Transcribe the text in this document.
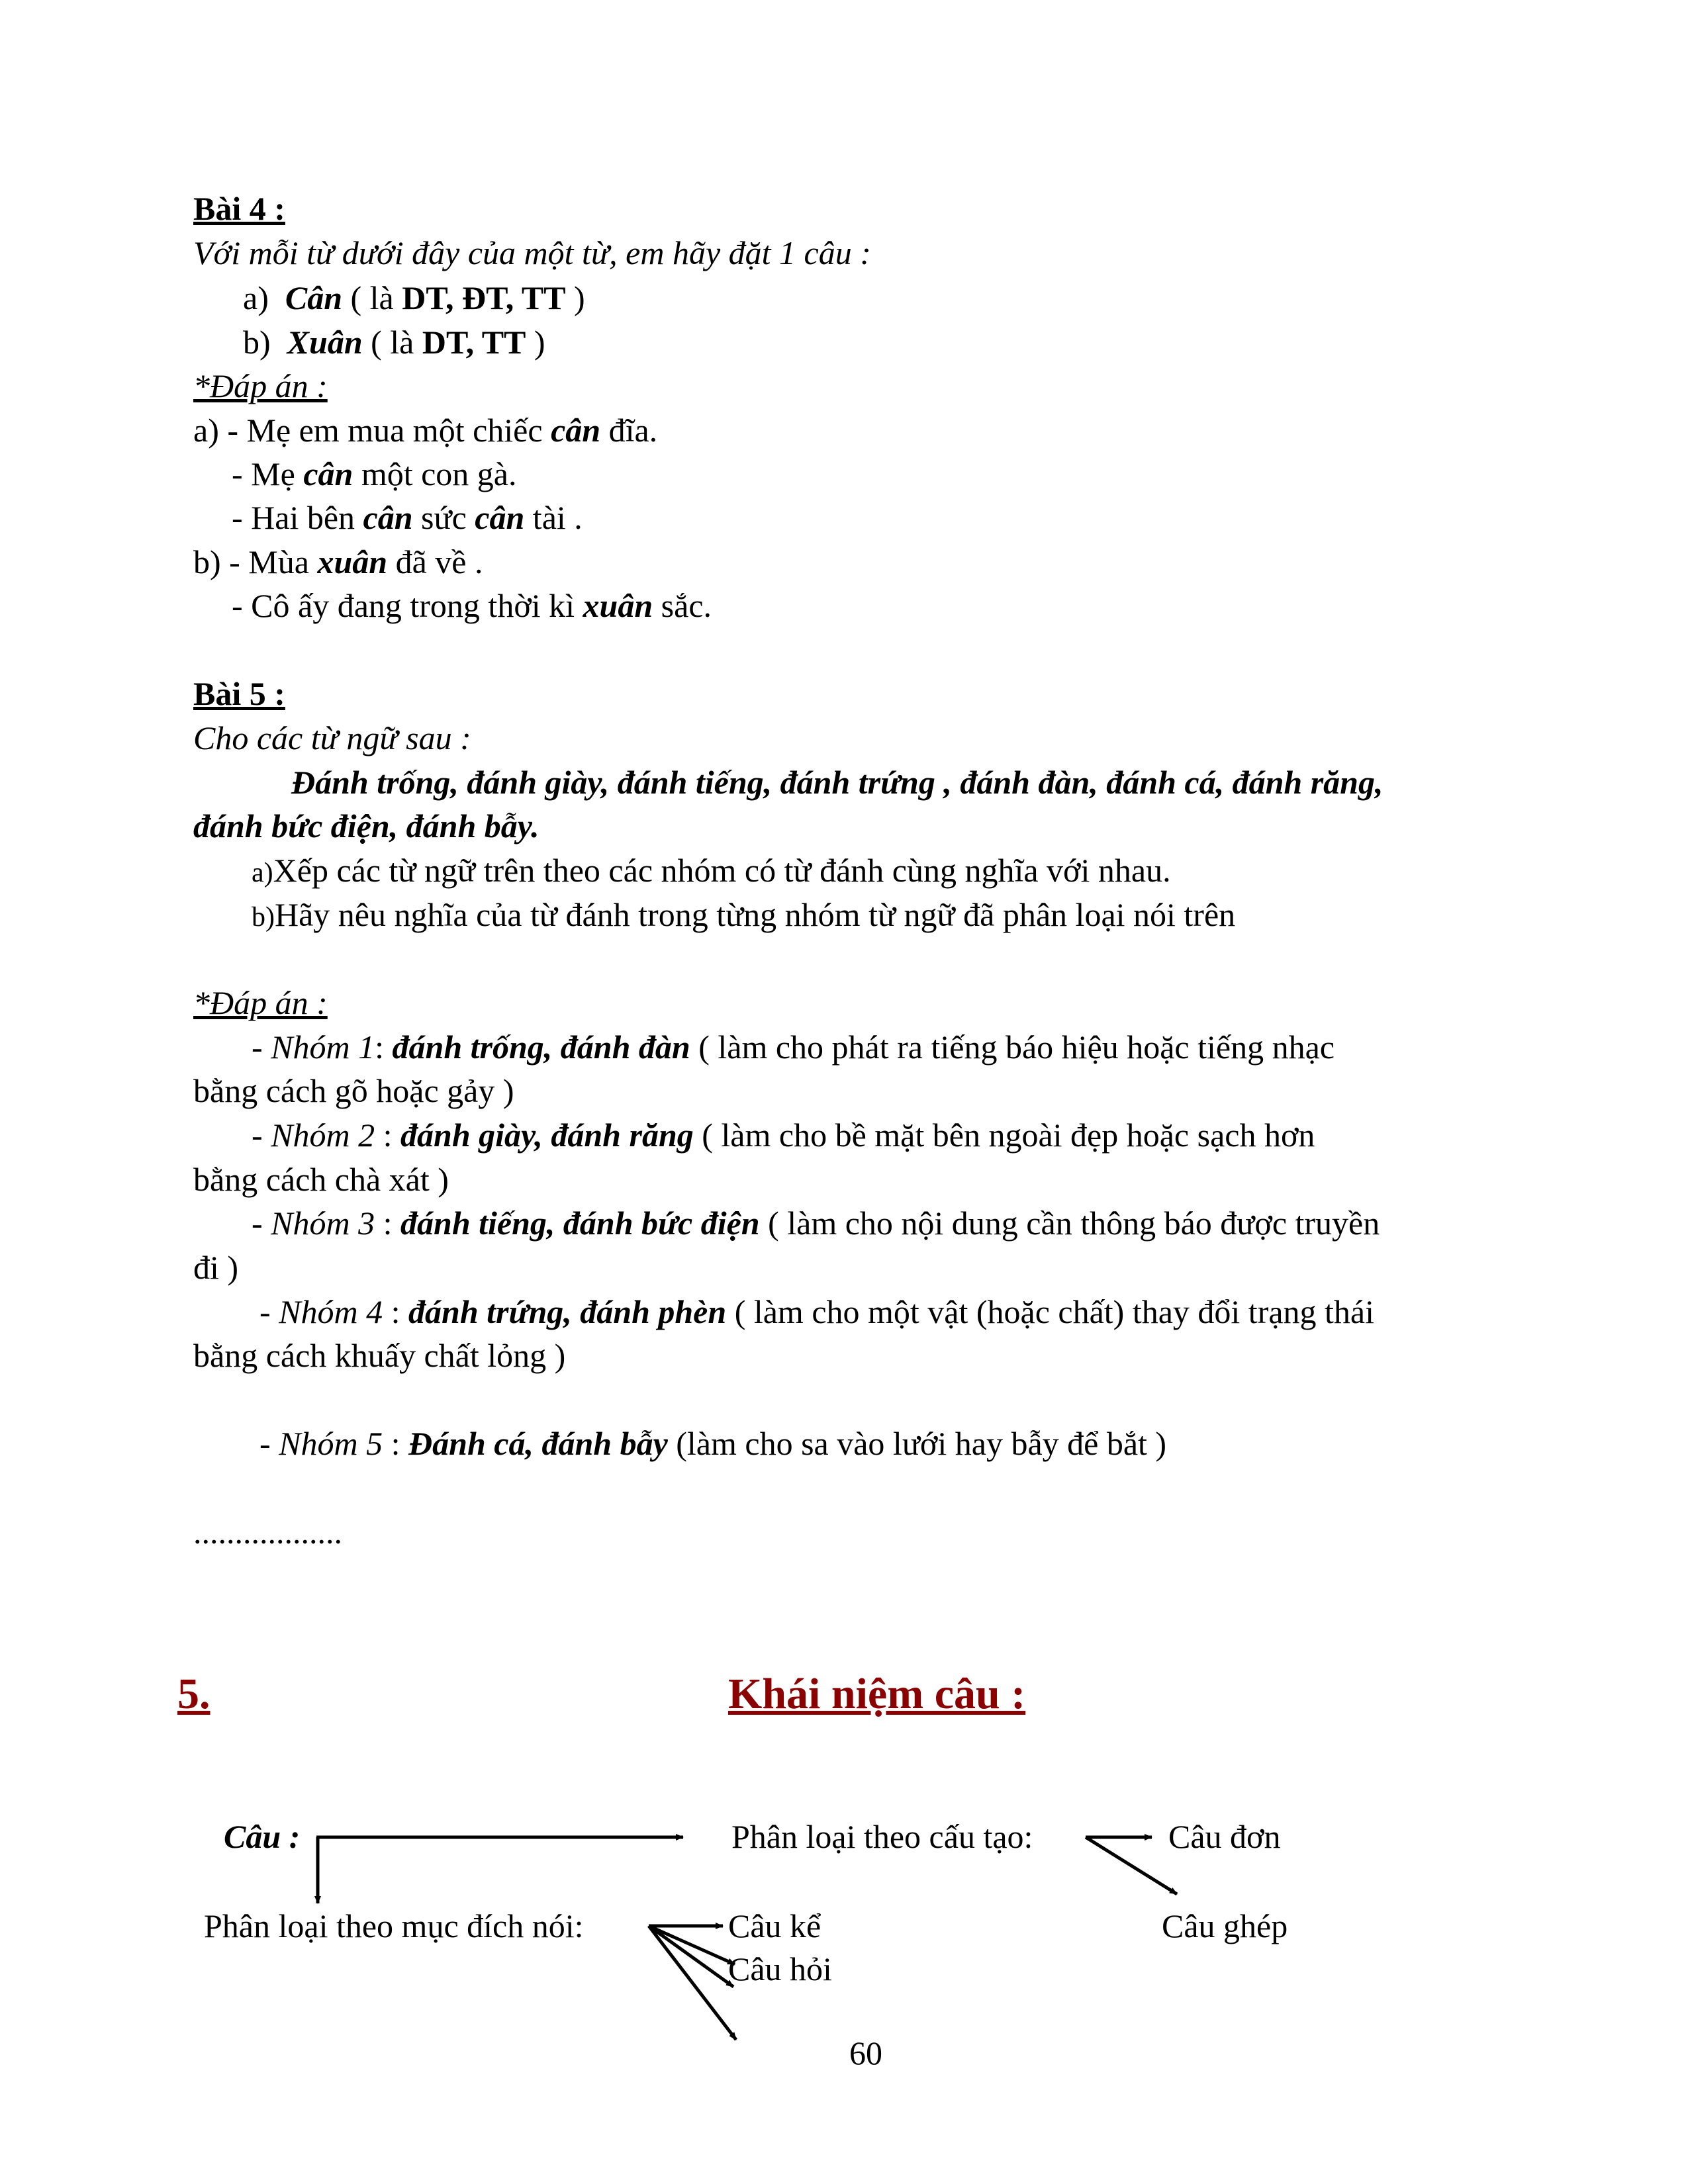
Bài 4 :
Với mỗi từ dưới đây của một từ, em hãy đặt 1 câu :
a) Cân ( là DT, ĐT, TT )
b) Xuân ( là DT, TT )
*Đáp án :
a) - Mẹ em mua một chiếc cân đĩa.
- Mẹ cân một con gà.
- Hai bên cân sức cân tài .
b) - Mùa xuân đã về .
- Cô ấy đang trong thời kì xuân sắc.
Bài 5 :
Cho các từ ngữ sau :
Đánh trống, đánh giày, đánh tiếng, đánh trứng , đánh đàn, đánh cá, đánh răng,
đánh bức điện, đánh bẫy.
a)Xếp các từ ngữ trên theo các nhóm có từ đánh cùng nghĩa với nhau.
b)Hãy nêu nghĩa của từ đánh trong từng nhóm từ ngữ đã phân loại nói trên
*Đáp án :
- Nhóm 1: đánh trống, đánh đàn ( làm cho phát ra tiếng báo hiệu hoặc tiếng nhạc
bằng cách gõ hoặc gảy )
- Nhóm 2 : đánh giày, đánh răng ( làm cho bề mặt bên ngoài đẹp hoặc sạch hơn
bằng cách chà xát )
- Nhóm 3 : đánh tiếng, đánh bức điện ( làm cho nội dung cần thông báo được truyền
đi )
- Nhóm 4 : đánh trứng, đánh phèn ( làm cho một vật (hoặc chất) thay đổi trạng thái
bằng cách khuấy chất lỏng )
- Nhóm 5 : Đánh cá, đánh bẫy (làm cho sa vào lưới hay bẫy để bắt )
..................
5.	Khái niệm câu :
Câu :	Phân loại theo cấu tạo:	Câu đơn
Phân loại theo mục đích nói:	Câu kể	Câu ghép
Câu hỏi
60
